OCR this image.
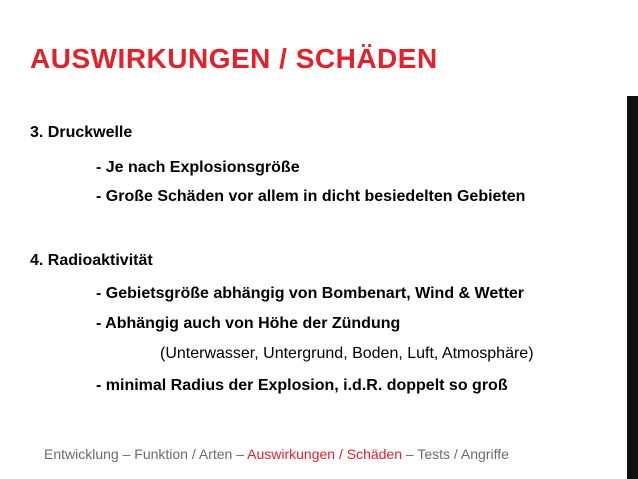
AUSWIRKUNGEN / SCHÄDEN
3. Druckwelle
- Je nach Explosionsgröße
- Große Schäden vor allem in dicht besiedelten Gebieten
4. Radioaktivität
- Gebietsgröße abhängig von Bombenart, Wind & Wetter
- Abhängig auch von Höhe der Zündung
(Unterwasser, Untergrund, Boden, Luft, Atmosphäre)
- minimal Radius der Explosion, i.d.R. doppelt so groß
Entwicklung – Funktion / Arten – Auswirkungen / Schäden – Tests / Angriffe
